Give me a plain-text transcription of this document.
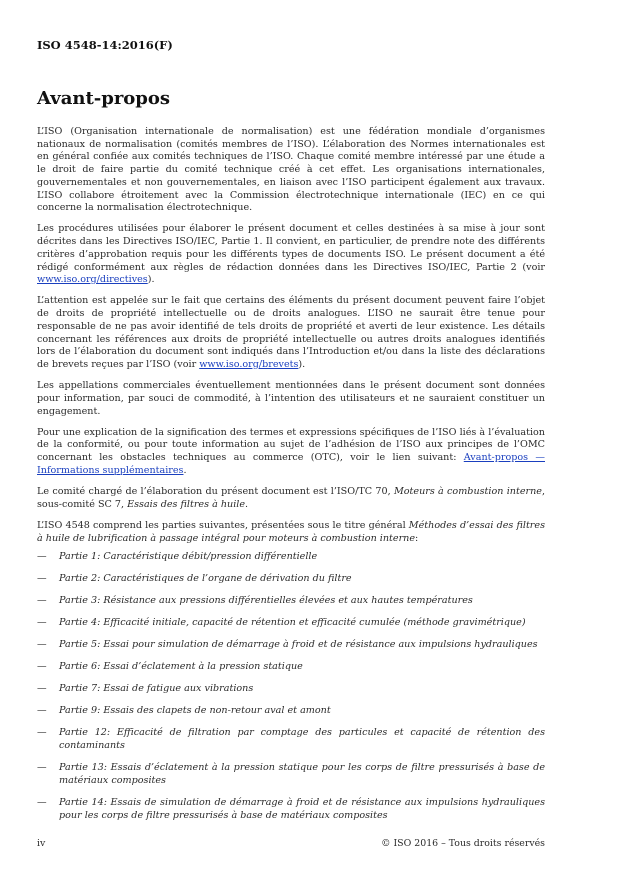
ISO 4548-14:2016(F)
Avant-propos

L’ISO (Organisation internationale de normalisation) est une fédération mondiale d’organismes nationaux de normalisation (comités membres de l’ISO). L’élaboration des Normes internationales est en général confiée aux comités techniques de l’ISO. Chaque comité membre intéressé par une étude a le droit de faire partie du comité technique créé à cet effet. Les organisations internationales, gouvernementales et non gouvernementales, en liaison avec l’ISO participent également aux travaux. L’ISO collabore étroitement avec la Commission électrotechnique internationale (IEC) en ce qui concerne la normalisation électrotechnique.

Les procédures utilisées pour élaborer le présent document et celles destinées à sa mise à jour sont décrites dans les Directives ISO/IEC, Partie 1. Il convient, en particulier, de prendre note des différents critères d’approbation requis pour les différents types de documents ISO. Le présent document a été rédigé conformément aux règles de rédaction données dans les Directives ISO/IEC, Partie 2 (voir www.iso.org/directives).

L’attention est appelée sur le fait que certains des éléments du présent document peuvent faire l’objet de droits de propriété intellectuelle ou de droits analogues. L’ISO ne saurait être tenue pour responsable de ne pas avoir identifié de tels droits de propriété et averti de leur existence. Les détails concernant les références aux droits de propriété intellectuelle ou autres droits analogues identifiés lors de l’élaboration du document sont indiqués dans l’Introduction et/ou dans la liste des déclarations de brevets reçues par l’ISO (voir www.iso.org/brevets).

Les appellations commerciales éventuellement mentionnées dans le présent document sont données pour information, par souci de commodité, à l’intention des utilisateurs et ne sauraient constituer un engagement.

Pour une explication de la signification des termes et expressions spécifiques de l’ISO liés à l’évaluation de la conformité, ou pour toute information au sujet de l’adhésion de l’ISO aux principes de l’OMC concernant les obstacles techniques au commerce (OTC), voir le lien suivant: Avant-propos — Informations supplémentaires.

Le comité chargé de l’élaboration du présent document est l’ISO/TC 70, Moteurs à combustion interne, sous-comité SC 7, Essais des filtres à huile.

L’ISO 4548 comprend les parties suivantes, présentées sous le titre général Méthodes d’essai des filtres à huile de lubrification à passage intégral pour moteurs à combustion interne:

— Partie 1: Caractéristique débit/pression différentielle
— Partie 2: Caractéristiques de l’organe de dérivation du filtre
— Partie 3: Résistance aux pressions différentielles élevées et aux hautes températures
— Partie 4: Efficacité initiale, capacité de rétention et efficacité cumulée (méthode gravimétrique)
— Partie 5: Essai pour simulation de démarrage à froid et de résistance aux impulsions hydrauliques
— Partie 6: Essai d’éclatement à la pression statique
— Partie 7: Essai de fatigue aux vibrations
— Partie 9: Essais des clapets de non-retour aval et amont
— Partie 12: Efficacité de filtration par comptage des particules et capacité de rétention des contaminants
— Partie 13: Essais d’éclatement à la pression statique pour les corps de filtre pressurisés à base de matériaux composites
— Partie 14: Essais de simulation de démarrage à froid et de résistance aux impulsions hydrauliques pour les corps de filtre pressurisés à base de matériaux composites
iv	© ISO 2016 – Tous droits réservés
